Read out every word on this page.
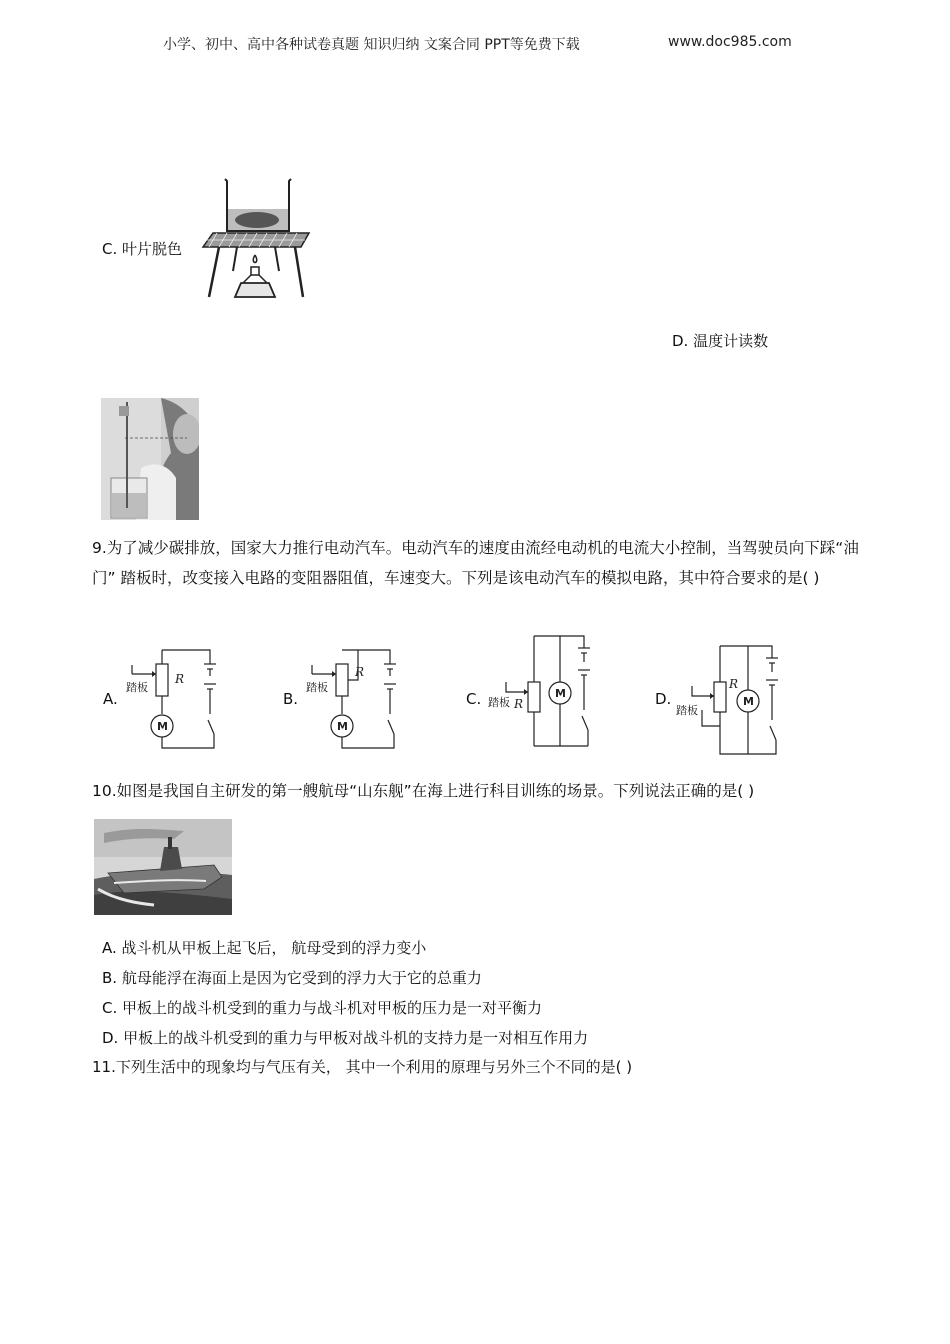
小学、初中、高中各种试卷真题 知识归纳 文案合同 PPT等免费下载	www.doc985.com
C. 叶片脱色
D. 温度计读数
9.为了减少碳排放，国家大力推行电动汽车。电动汽车的速度由流经电动机的电流大小控制，当驾驶员向下踩“油门” 踏板时，改变接入电路的变阻器阻值，车速变大。下列是该电动汽车的模拟电路，其中符合要求的是( )
A.	B.	C.	D.
踏板
R
M
踏板
R
M
踏板 R
M
踏板
R
M
10.如图是我国自主研发的第一艘航母“山东舰”在海上进行科目训练的场景。下列说法正确的是( )
A. 战斗机从甲板上起飞后， 航母受到的浮力变小
B. 航母能浮在海面上是因为它受到的浮力大于它的总重力
C. 甲板上的战斗机受到的重力与战斗机对甲板的压力是一对平衡力
D. 甲板上的战斗机受到的重力与甲板对战斗机的支持力是一对相互作用力
11.下列生活中的现象均与气压有关， 其中一个利用的原理与另外三个不同的是( )
